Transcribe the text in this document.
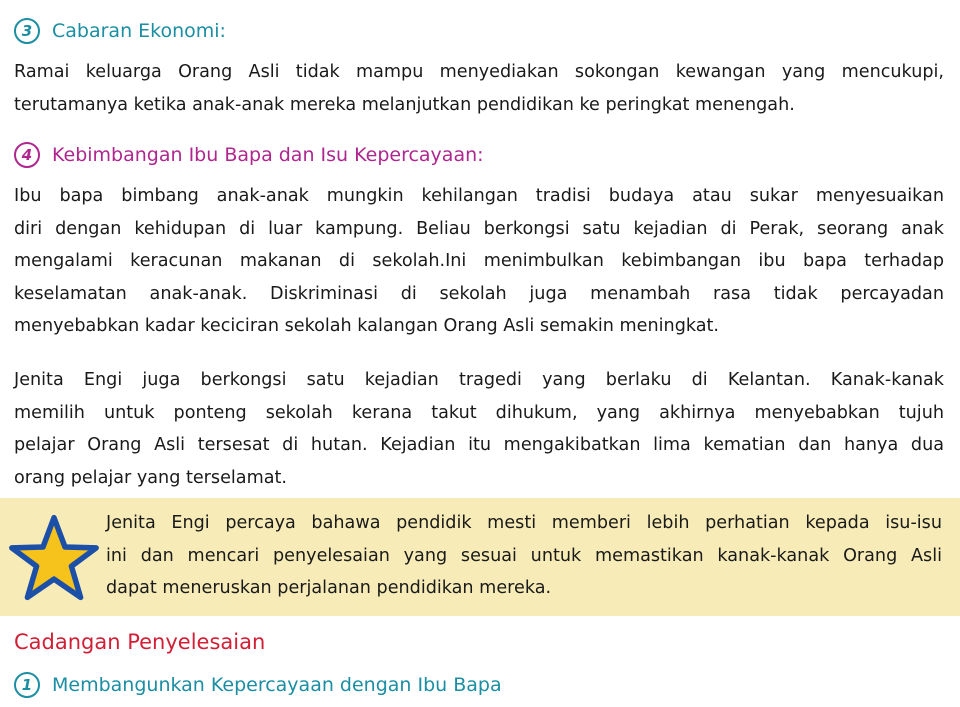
3	Cabaran Ekonomi:
Ramai keluarga Orang Asli tidak mampu menyediakan sokongan kewangan yang mencukupi,
terutamanya ketika anak-anak mereka melanjutkan pendidikan ke peringkat menengah.
4	Kebimbangan Ibu Bapa dan Isu Kepercayaan:
Ibu bapa bimbang anak-anak mungkin kehilangan tradisi budaya atau sukar menyesuaikan
diri dengan kehidupan di luar kampung. Beliau berkongsi satu kejadian di Perak, seorang anak
mengalami keracunan makanan di sekolah.Ini menimbulkan kebimbangan ibu bapa terhadap
keselamatan anak-anak. Diskriminasi di sekolah juga menambah rasa tidak percayadan
menyebabkan kadar keciciran sekolah kalangan Orang Asli semakin meningkat.
Jenita Engi juga berkongsi satu kejadian tragedi yang berlaku di Kelantan. Kanak-kanak
memilih untuk ponteng sekolah kerana takut dihukum, yang akhirnya menyebabkan tujuh
pelajar Orang Asli tersesat di hutan. Kejadian itu mengakibatkan lima kematian dan hanya dua
orang pelajar yang terselamat.
Jenita Engi percaya bahawa pendidik mesti memberi lebih perhatian kepada isu-isu
ini dan mencari penyelesaian yang sesuai untuk memastikan kanak-kanak Orang Asli
dapat meneruskan perjalanan pendidikan mereka.
Cadangan Penyelesaian
1	Membangunkan Kepercayaan dengan Ibu Bapa
